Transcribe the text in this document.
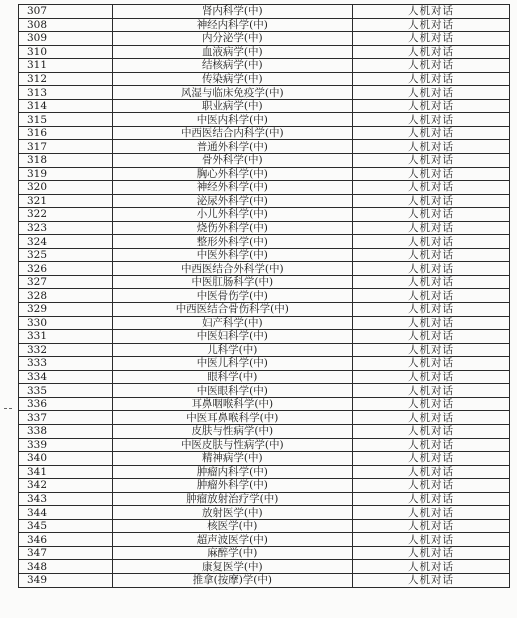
307	肾内科学(中)	人机对话
308	神经内科学(中)	人机对话
309	内分泌学(中)	人机对话
310	血液病学(中)	人机对话
311	结核病学(中)	人机对话
312	传染病学(中)	人机对话
313	风湿与临床免疫学(中)	人机对话
314	职业病学(中)	人机对话
315	中医内科学(中)	人机对话
316	中西医结合内科学(中)	人机对话
317	普通外科学(中)	人机对话
318	骨外科学(中)	人机对话
319	胸心外科学(中)	人机对话
320	神经外科学(中)	人机对话
321	泌尿外科学(中)	人机对话
322	小儿外科学(中)	人机对话
323	烧伤外科学(中)	人机对话
324	整形外科学(中)	人机对话
325	中医外科学(中)	人机对话
326	中西医结合外科学(中)	人机对话
327	中医肛肠科学(中)	人机对话
328	中医骨伤学(中)	人机对话
329	中西医结合骨伤科学(中)	人机对话
330	妇产科学(中)	人机对话
331	中医妇科学(中)	人机对话
332	儿科学(中)	人机对话
333	中医儿科学(中)	人机对话
334	眼科学(中)	人机对话
335	中医眼科学(中)	人机对话
336	耳鼻咽喉科学(中)	人机对话
337	中医耳鼻喉科学(中)	人机对话
338	皮肤与性病学(中)	人机对话
339	中医皮肤与性病学(中)	人机对话
340	精神病学(中)	人机对话
341	肿瘤内科学(中)	人机对话
342	肿瘤外科学(中)	人机对话
343	肿瘤放射治疗学(中)	人机对话
344	放射医学(中)	人机对话
345	核医学(中)	人机对话
346	超声波医学(中)	人机对话
347	麻醉学(中)	人机对话
348	康复医学(中)	人机对话
349	推拿(按摩)学(中)	人机对话
